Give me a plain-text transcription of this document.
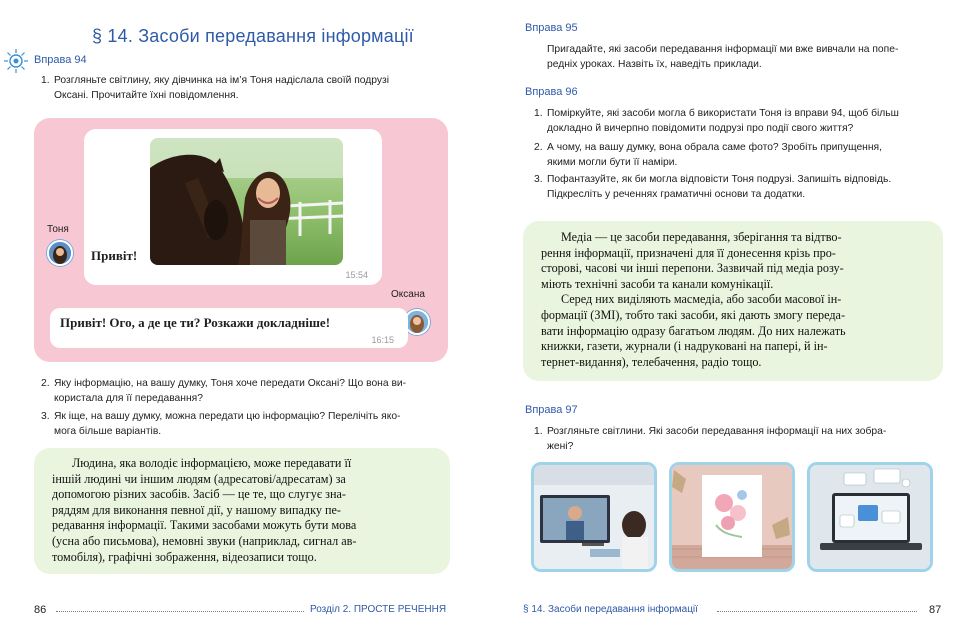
§ 14. Засоби передавання інформації
Вправа 94
1. Розгляньте світлину, яку дівчинка на ім’я Тоня надіслала своїй подрузі
Оксані. Прочитайте їхні повідомлення.
Привіт!
15:54
Тоня
Оксана
Привіт! Ого, а де це ти? Розкажи докладніше!
16:15
2. Яку інформацію, на вашу думку, Тоня хоче передати Оксані? Що вона ви-
користала для її передавання?
3. Як іще, на вашу думку, можна передати цю інформацію? Перелічіть яко-
мога більше варіантів.

Людина, яка володіє інформацією, може передавати її

іншій людині чи іншим людям (адресатові/адресатам) за
допомогою різних засобів. Засіб — це те, що слугує зна-
ряддям для виконання певної дії, у нашому випадку пе-
редавання інформації. Такими засобами можуть бути мова
(усна або письмова), немовні звуки (наприклад, сигнал ав-
томобіля), графічні зображення, відеозаписи тощо.
86	Розділ 2. ПРОСТЕ РЕЧЕННЯ
Вправа 95
Пригадайте, які засоби передавання інформації ми вже вивчали на попе-
редніх уроках. Назвіть їх, наведіть приклади.
Вправа 96
1. Поміркуйте, які засоби могла б використати Тоня із вправи 94, щоб більш
докладно й вичерпно повідомити подрузі про події свого життя?
2. А чому, на вашу думку, вона обрала саме фото? Зробіть припущення,
якими могли бути її наміри.
3. Пофантазуйте, як би могла відповісти Тоня подрузі. Запишіть відповідь.
Підкресліть у реченнях граматичні основи та додатки.

Медіа — це засоби передавання, зберігання та відтво-

рення інформації, призначені для її донесення крізь про-
сторові, часові чи інші перепони. Зазвичай під медіа розу-
міють технічні засоби та канали комунікації.

Серед них виділяють масмедіа, або засоби масової ін-

формації (ЗМІ), тобто такі засоби, які дають змогу переда-
вати інформацію одразу багатьом людям. До них належать
книжки, газети, журнали (і надруковані на папері, й ін-
тернет-видання), телебачення, радіо тощо.
Вправа 97
1. Розгляньте світлини. Які засоби передавання інформації на них зобра-
жені?
§ 14. Засоби передавання інформації	87
